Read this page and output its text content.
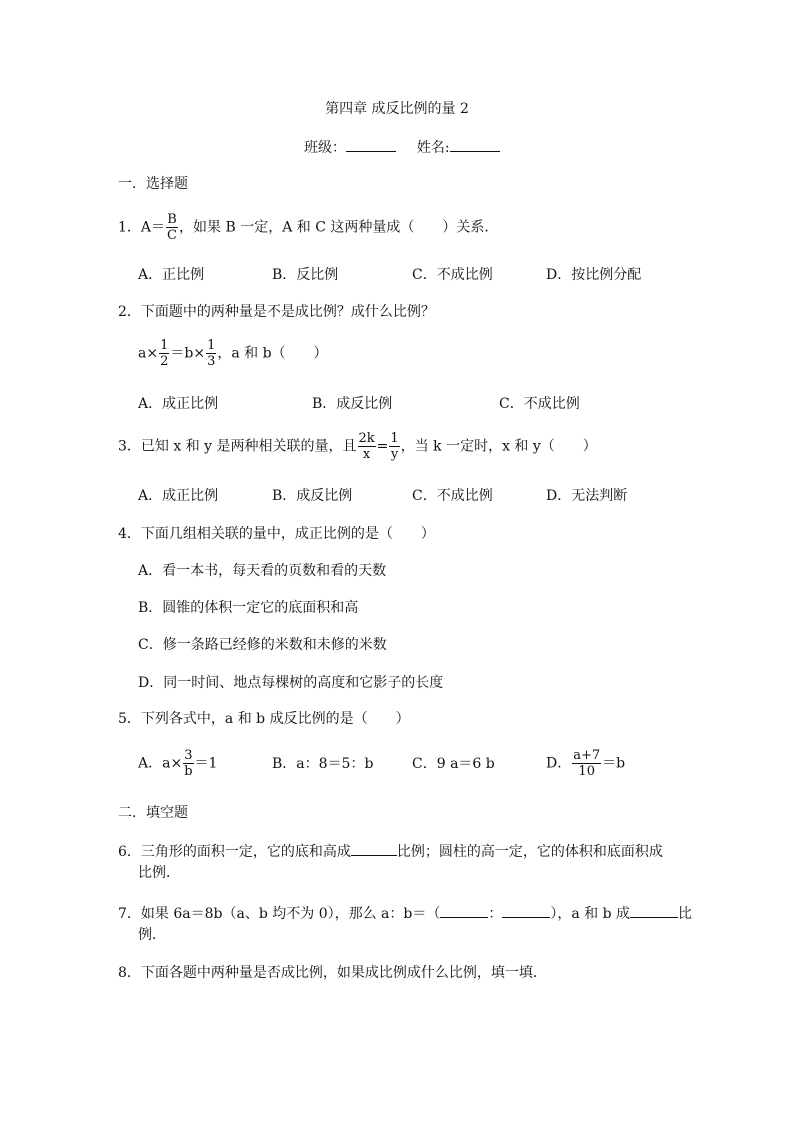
第四章 成反比例的量 2
班级：	姓名:
一．选择题
1．$A= \frac{B}{C}$ ，如果 B 一定，A 和 C 这两种量成（　　）关系．
A．正比例	B．反比例	C．不成比例	D．按比例分配
2．下面题中的两种量是不是成比例？成什么比例？
$a\times \frac{1}{2} =b\times \frac{1}{3}$ ，a 和 b（　　）
A．成正比例	B．成反比例	C．不成比例
3．已知 x 和 y 是两种相关联的量，且 $\frac{2k}{x} = \frac{1}{y}$ ，当 k 一定时，x 和 y（　　）
A．成正比例	B．成反比例	C．不成比例	D．无法判断
4．下面几组相关联的量中，成正比例的是（　　）
A．看一本书，每天看的页数和看的天数
B．圆锥的体积一定它的底面积和高
C．修一条路已经修的米数和未修的米数
D．同一时间、地点每棵树的高度和它影子的长度
5．下列各式中，a 和 b 成反比例的是（　　）
A．$a\times \frac{3}{b} =1$	B．a：8＝5：b	C．9 a＝6 b	D． $\frac{a+7}{10} =b$
二．填空题
6．三角形的面积一定，它的底和高成	比例；圆柱的高一定，它的体积和底面积成
比例．
7．如果 6a＝8b（a、b 均不为 0），那么 a：b＝（	：	），a 和 b 成	比
例．
8．下面各题中两种量是否成比例，如果成比例成什么比例，填一填．
